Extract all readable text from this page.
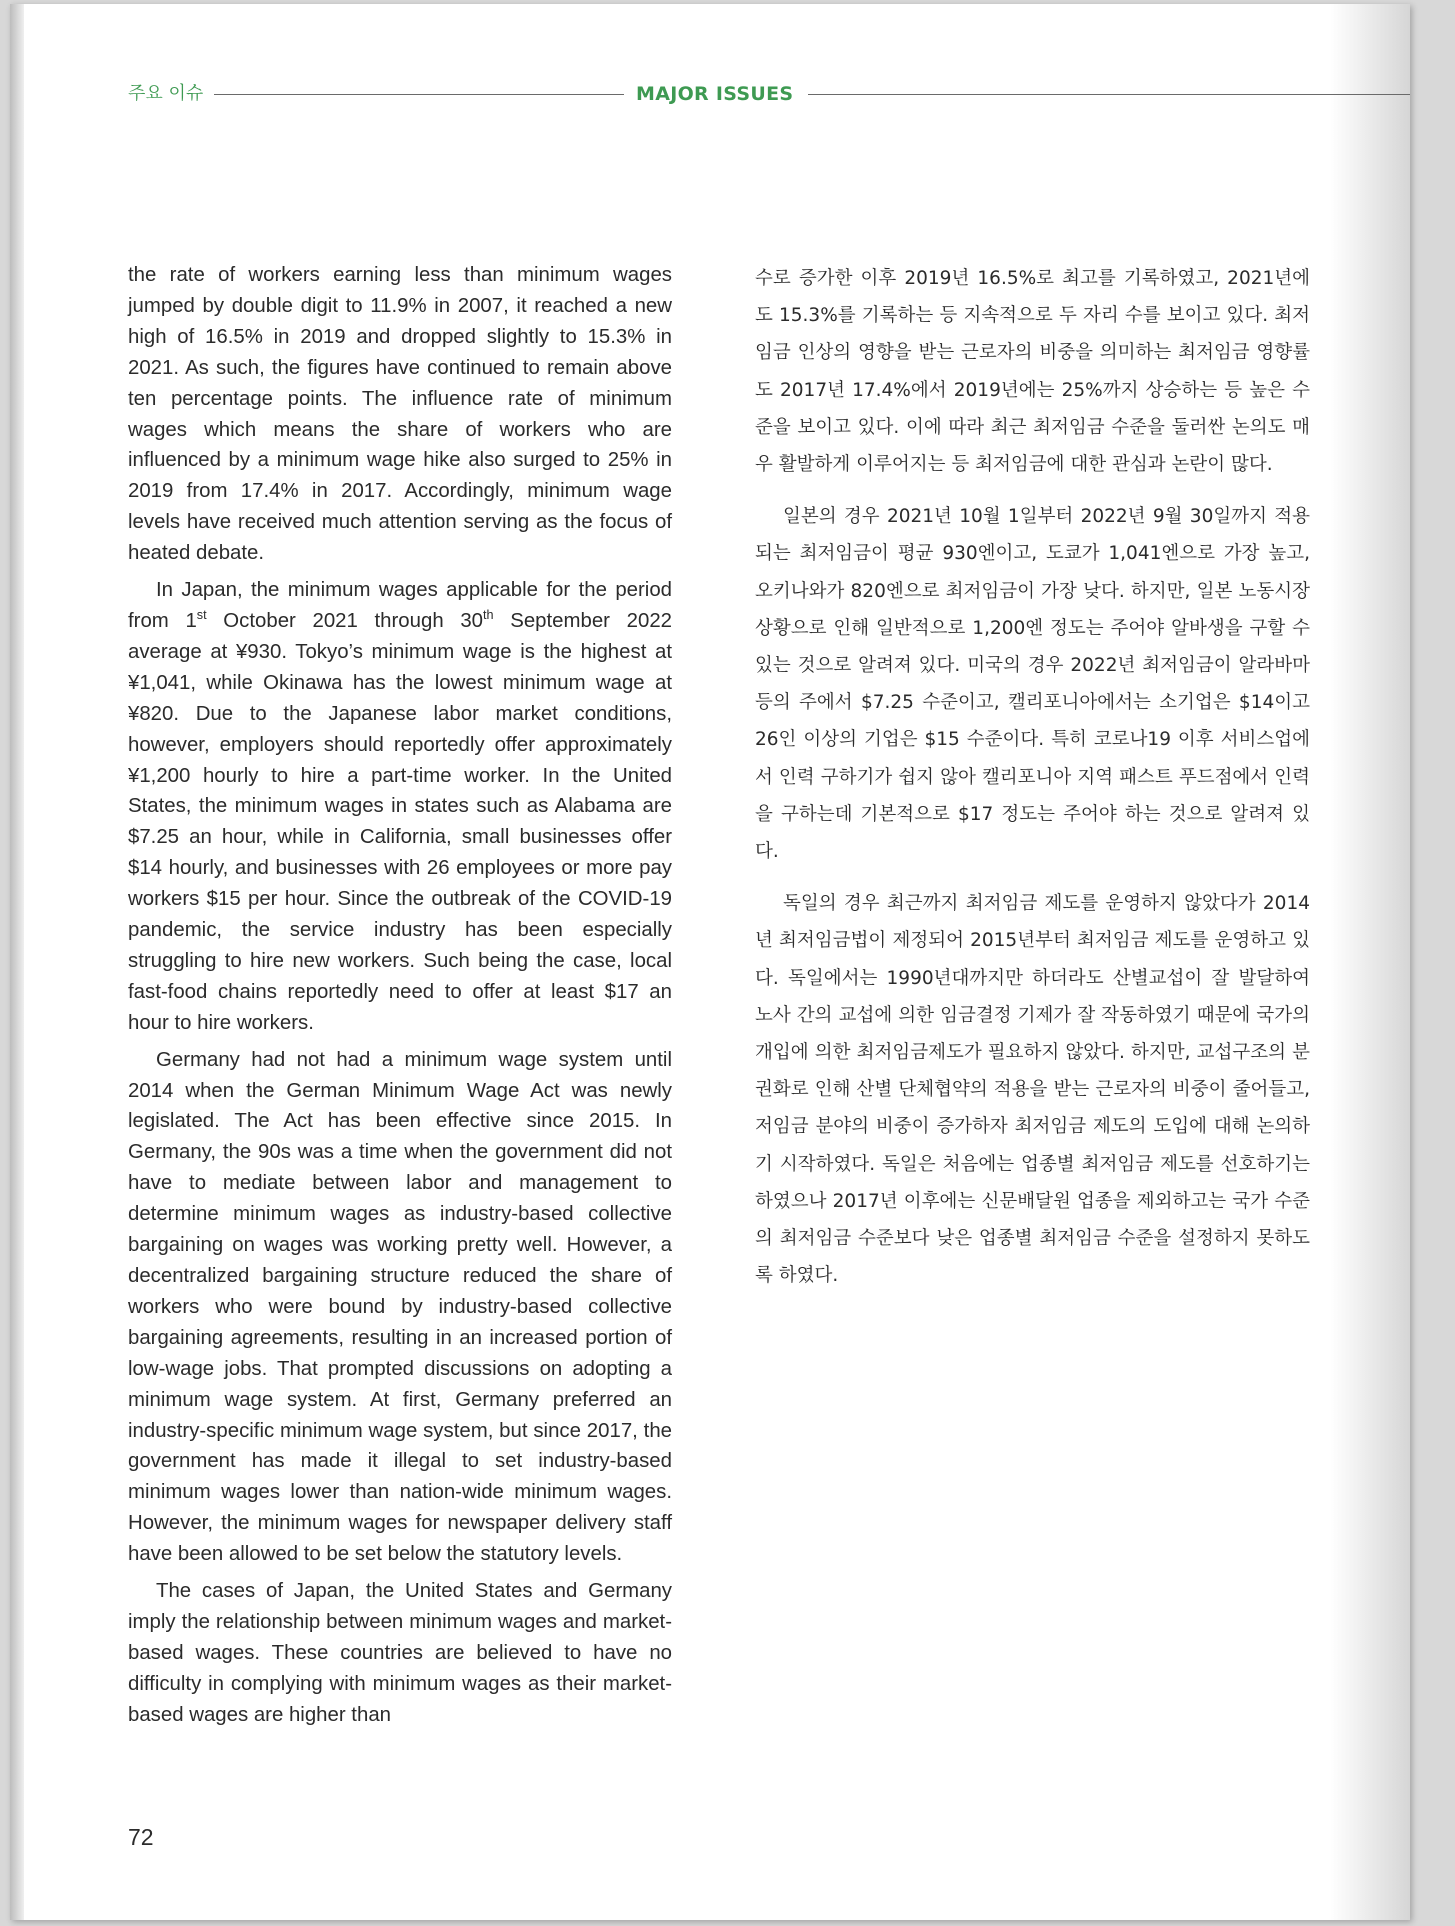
주요 이슈	MAJOR ISSUES

the rate of workers earning less than minimum wages jumped by double digit to 11.9% in 2007, it reached a new high of 16.5% in 2019 and dropped slightly to 15.3% in 2021. As such, the figures have continued to remain above ten percentage points. The influence rate of minimum wages which means the share of workers who are influenced by a minimum wage hike also surged to 25% in 2019 from 17.4% in 2017. Accordingly, minimum wage levels have received much attention serving as the focus of heated debate.

In Japan, the minimum wages applicable for the period from 1st October 2021 through 30th September 2022 average at ¥930. Tokyo’s minimum wage is the highest at ¥1,041, while Okinawa has the lowest minimum wage at ¥820. Due to the Japanese labor market conditions, however, employers should reportedly offer approximately ¥1,200 hourly to hire a part-time worker. In the United States, the minimum wages in states such as Alabama are $7.25 an hour, while in California, small businesses offer $14 hourly, and businesses with 26 employees or more pay workers $15 per hour. Since the outbreak of the COVID-19 pandemic, the service industry has been especially struggling to hire new workers. Such being the case, local fast-food chains reportedly need to offer at least $17 an hour to hire workers.

Germany had not had a minimum wage system until 2014 when the German Minimum Wage Act was newly legislated. The Act has been effective since 2015. In Germany, the 90s was a time when the government did not have to mediate between labor and management to determine minimum wages as industry-based collective bargaining on wages was working pretty well. However, a decentralized bargaining structure reduced the share of workers who were bound by industry-based collective bargaining agreements, resulting in an increased portion of low-wage jobs. That prompted discussions on adopting a minimum wage system. At first, Germany preferred an industry-specific minimum wage system, but since 2017, the government has made it illegal to set industry-based minimum wages lower than nation-wide minimum wages. However, the minimum wages for newspaper delivery staff have been allowed to be set below the statutory levels.

The cases of Japan, the United States and Germany imply the relationship between minimum wages and market-based wages. These countries are believed to have no difficulty in complying with minimum wages as their market-based wages are higher than

수로 증가한 이후 2019년 16.5%로 최고를 기록하였고, 2021년에도 15.3%를 기록하는 등 지속적으로 두 자리 수를 보이고 있다. 최저임금 인상의 영향을 받는 근로자의 비중을 의미하는 최저임금 영향률도 2017년 17.4%에서 2019년에는 25%까지 상승하는 등 높은 수준을 보이고 있다. 이에 따라 최근 최저임금 수준을 둘러싼 논의도 매우 활발하게 이루어지는 등 최저임금에 대한 관심과 논란이 많다.

일본의 경우 2021년 10월 1일부터 2022년 9월 30일까지 적용되는 최저임금이 평균 930엔이고, 도쿄가 1,041엔으로 가장 높고, 오키나와가 820엔으로 최저임금이 가장 낮다. 하지만, 일본 노동시장 상황으로 인해 일반적으로 1,200엔 정도는 주어야 알바생을 구할 수 있는 것으로 알려져 있다. 미국의 경우 2022년 최저임금이 알라바마 등의 주에서 $7.25 수준이고, 캘리포니아에서는 소기업은 $14이고 26인 이상의 기업은 $15 수준이다. 특히 코로나19 이후 서비스업에서 인력 구하기가 쉽지 않아 캘리포니아 지역 패스트 푸드점에서 인력을 구하는데 기본적으로 $17 정도는 주어야 하는 것으로 알려져 있다.

독일의 경우 최근까지 최저임금 제도를 운영하지 않았다가 2014년 최저임금법이 제정되어 2015년부터 최저임금 제도를 운영하고 있다. 독일에서는 1990년대까지만 하더라도 산별교섭이 잘 발달하여 노사 간의 교섭에 의한 임금결정 기제가 잘 작동하였기 때문에 국가의 개입에 의한 최저임금제도가 필요하지 않았다. 하지만, 교섭구조의 분권화로 인해 산별 단체협약의 적용을 받는 근로자의 비중이 줄어들고, 저임금 분야의 비중이 증가하자 최저임금 제도의 도입에 대해 논의하기 시작하였다. 독일은 처음에는 업종별 최저임금 제도를 선호하기는 하였으나 2017년 이후에는 신문배달원 업종을 제외하고는 국가 수준의 최저임금 수준보다 낮은 업종별 최저임금 수준을 설정하지 못하도록 하였다.

72
